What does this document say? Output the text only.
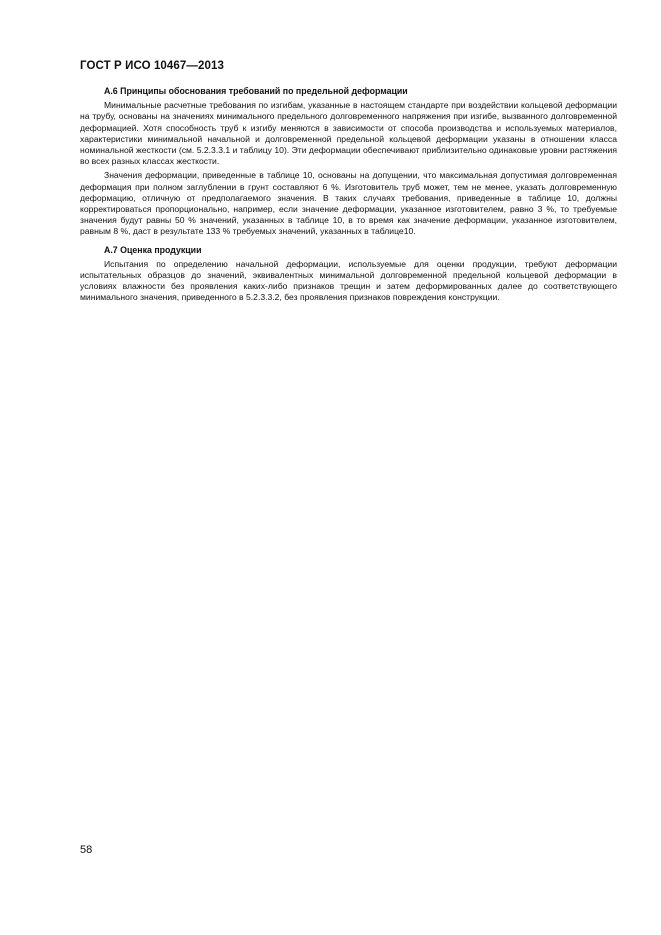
ГОСТ Р ИСО 10467—2013
А.6 Принципы обоснования требований по предельной деформации

Минимальные расчетные требования по изгибам, указанные в настоящем стандарте при воздействии кольцевой деформации на трубу, основаны на значениях минимального предельного долговременного напряжения при изгибе, вызванного долговременной деформацией. Хотя способность труб к изгибу меняются в зависимости от способа производства и используемых материалов, характеристики минимальной начальной и долговременной предельной кольцевой деформации указаны в отношении класса номинальной жесткости (см. 5.2.3.3.1 и таблицу 10). Эти деформации обеспечивают приблизительно одинаковые уровни растяжения во всех разных классах жесткости.

Значения деформации, приведенные в таблице 10, основаны на допущении, что максимальная допустимая долговременная деформация при полном заглублении в грунт составляют 6 %. Изготовитель труб может, тем не менее, указать долговременную деформацию, отличную от предполагаемого значения. В таких случаях требования, приведенные в таблице 10, должны корректироваться пропорционально, например, если значение деформации, указанное изготовителем, равно 3 %, то требуемые значения будут равны 50 % значений, указанных в таблице 10, в то время как значение деформации, указанное изготовителем, равным 8 %, даст в результате 133 % требуемых значений, указанных в таблице10.

А.7 Оценка продукции

Испытания по определению начальной деформации, используемые для оценки продукции, требуют деформации испытательных образцов до значений, эквивалентных минимальной долговременной предельной кольцевой деформации в условиях влажности без проявления каких-либо признаков трещин и затем деформированных далее до соответствующего минимального значения, приведенного в 5.2.3.3.2, без проявления признаков повреждения конструкции.

58
